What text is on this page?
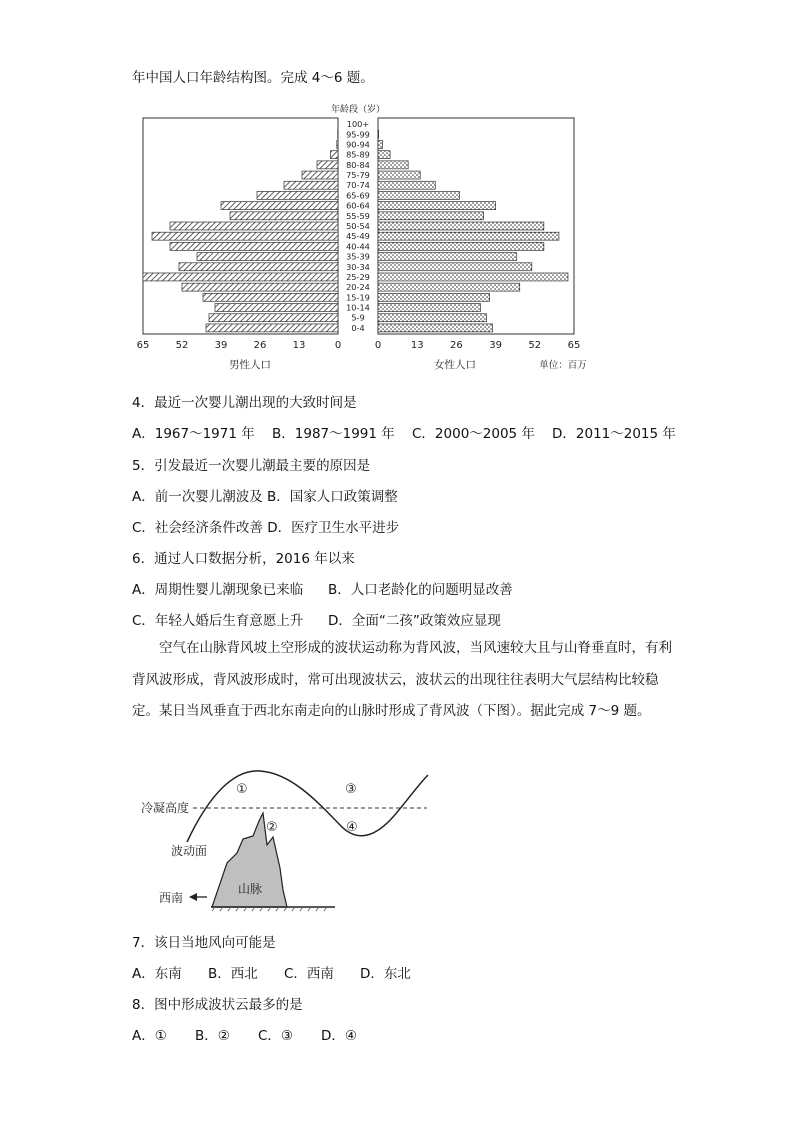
年中国人口年龄结构图。完成 4～6 题。
年龄段（岁）
0-4
5-9
10-14
15-19
20-24
25-29
30-34
35-39
40-44
45-49
50-54
55-59
60-64
65-69
70-74
75-79
80-84
85-89
90-94
95-99
100+
65	52	39	26	13	0	0	13	26	39	52	65
男性人口	女性人口	单位：百万
4．最近一次婴儿潮出现的大致时间是
A．1967～1971 年 B．1987～1991 年 C．2000～2005 年 D．2011～2015 年
5．引发最近一次婴儿潮最主要的原因是
A．前一次婴儿潮波及 B．国家人口政策调整
C．社会经济条件改善 D．医疗卫生水平进步
6．通过人口数据分析，2016 年以来
A．周期性婴儿潮现象已来临 B．人口老龄化的问题明显改善
C．年轻人婚后生育意愿上升 D．全面“二孩”政策效应显现
空气在山脉背风坡上空形成的波状运动称为背风波，当风速较大且与山脊垂直时，有利背风波形成，背风波形成时，常可出现波状云，波状云的出现往往表明大气层结构比较稳定。某日当风垂直于西北东南走向的山脉时形成了背风波（下图）。据此完成 7～9 题。
冷凝高度
波动面
西南
山脉
①
②
③
④
7．该日当地风向可能是
A．东南 B．西北 C．西南 D．东北
8．图中形成波状云最多的是
A．① B．② C．③ D．④
